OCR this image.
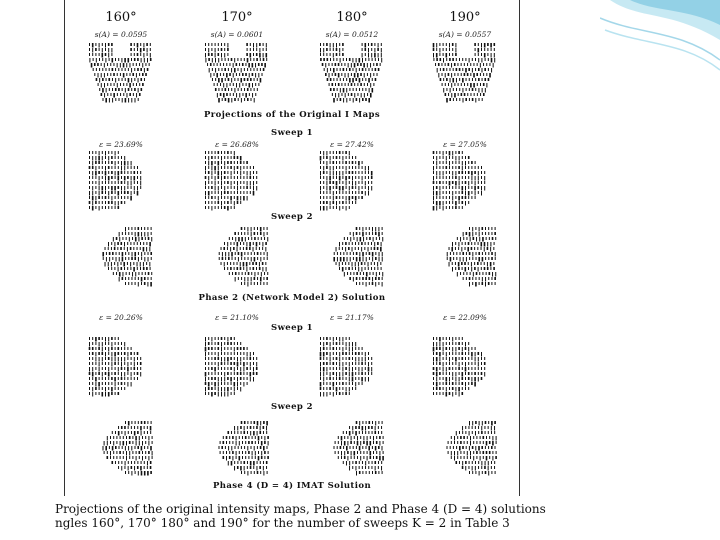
160°	170°	180°	190°
s(A) = 0.0595	s(A) = 0.0601	s(A) = 0.0512	s(A) = 0.0557
Projections of the Original I Maps
Sweep 1
ε = 23.69%	ε = 26.68%	ε = 27.42%	ε = 27.05%
Sweep 2
Phase 2 (Network Model 2) Solution
ε = 20.26%	ε = 21.10%	ε = 21.17%	ε = 22.09%
Sweep 1
Sweep 2
Phase 4 (D = 4) IMAT Solution
Projections of the original intensity maps, Phase 2 and Phase 4 (D = 4) solutions
ngles 160°, 170° 180° and 190° for the number of sweeps K = 2 in Table 3
